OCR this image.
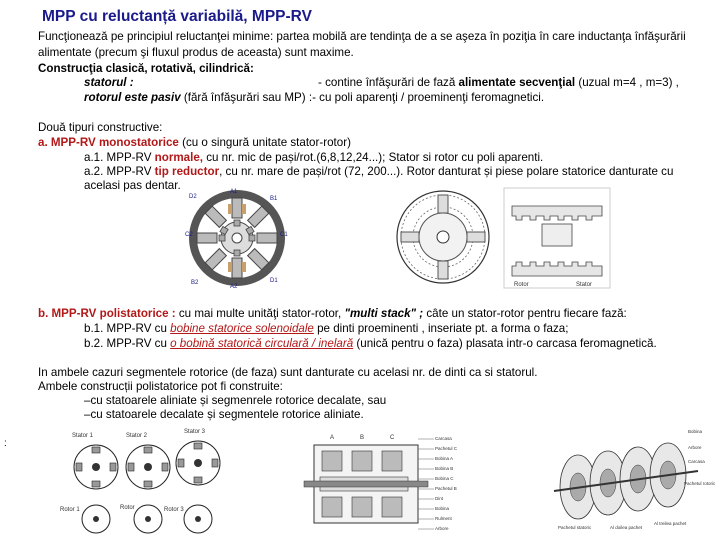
MPP cu reluctanță variabilă, MPP-RV
Funcţionează pe principiul reluctanţei minime: partea mobilă are tendinţa de a se aşeza în poziţia în care inductanţa înfăşurării
alimentate (precum şi fluxul produs de aceasta) sunt maxime.
Construcţia clasică, rotativă, cilindrică:
statorul :	- contine înfăşurări de fază alimentate secvenţial (uzual m=4 , m=3) ,
rotorul este pasiv (fără înfăşurări sau MP) :- cu poli aparenţi / proeminenţi feromagnetici.
Două tipuri constructive:
a. MPP-RV monostatorice (cu o singură unitate stator-rotor)
a.1. MPP-RV normale, cu nr. mic de pași/rot.(6,8,12,24...); Stator si rotor cu poli aparenti.
a.2. MPP-RV tip reductor, cu nr. mare de pași/rot (72, 200...). Rotor danturat și piese polare statorice danturate cu
acelasi pas dentar.	A1
A2
B1
B2
C1
C2
D1
D2
Rotor	Stator
b. MPP-RV polistatorice : cu mai multe unităţi stator-rotor, "multi stack" ; câte un stator-rotor pentru fiecare fază:
b.1. MPP-RV cu bobine statorice solenoidale pe dinti proeminenti , inseriate pt. a forma o faza;
b.2. MPP-RV cu o bobină statorică circulară / inelară (unică pentru o faza) plasata intr-o carcasa feromagnetică.
In ambele cazuri segmentele rotorice (de faza) sunt danturate cu acelasi nr. de dinti ca si statorul.
Ambele construcții polistatorice pot fi construite:
–cu statoarele aliniate și segmenrele rotorice decalate, sau
–cu statoarele decalate și segmentele rotorice aliniate.
:
Stator 1	Stator 2
Stator 3
Rotor 1	Rotor	Rotor 3
A	B	C	Carcasa
Pachetul C
Bobina A
Bobina B
Bobina C
Pachetul B
Dint
Bobina
Rulment
Arbore
Bobina
Arbore
Carcasa
Pachetul rotoric
Pachetul statoric	Al doilea pachet
Al treilea pachet
